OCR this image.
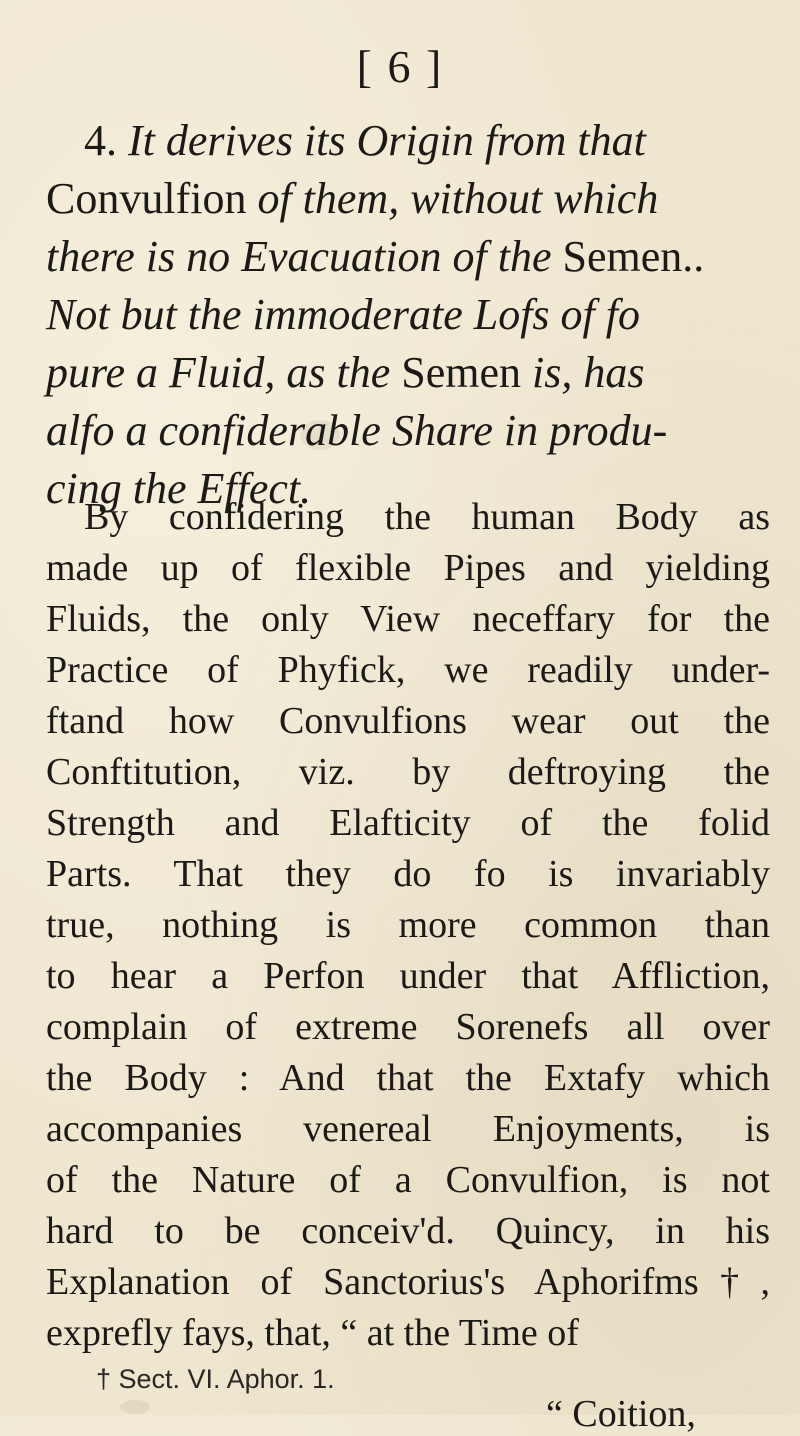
[ 6 ]
4. It derives its Origin from that
Convulfion of them, without which
there is no Evacuation of the Semen..
Not but the immoderate Lofs of fo
pure a Fluid, as the Semen is, has
alfo a confiderable Share in produ-
cing the Effect.
By confidering the human Body as
made up of flexible Pipes and yielding
Fluids, the only View neceffary for the
Practice of Phyfick, we readily under-
ftand how Convulfions wear out the
Conftitution, viz. by deftroying the
Strength and Elafticity of the folid
Parts. That they do fo is invariably
true, nothing is more common than
to hear a Perfon under that Affliction,
complain of extreme Sorenefs all over
the Body : And that the Extafy which
accompanies venereal Enjoyments, is
of the Nature of a Convulfion, is not
hard to be conceiv'd. Quincy, in his
Explanation of Sanctorius's Aphorifms†,
exprefly fays, that, “ at the Time of
† Sect. VI. Aphor. 1.
“ Coition,
